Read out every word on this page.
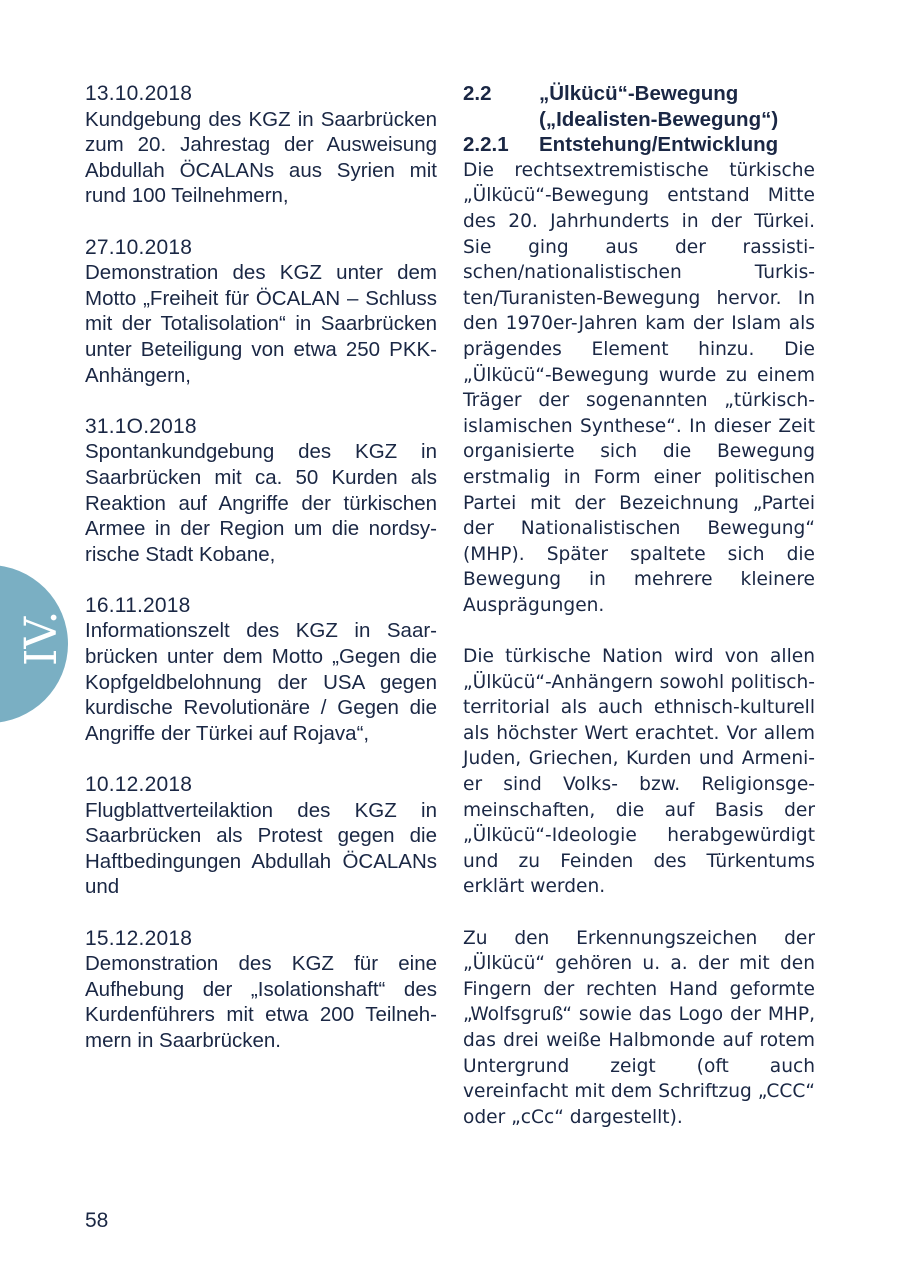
13.10.2018
Kundgebung des KGZ in Saarbrücken zum 20. Jahrestag der Ausweisung Abdullah ÖCALANs aus Syrien mit rund 100 Teilnehmern,
27.10.2018
Demonstration des KGZ unter dem Motto „Freiheit für ÖCALAN – Schluss mit der Totalisolation“ in Saarbrücken unter Beteiligung von etwa 250 PKK-Anhängern,
31.1O.2018
Spontankundgebung des KGZ in Saarbrücken mit ca. 50 Kurden als Reaktion auf Angriffe der türkischen Armee in der Region um die nordsyrische Stadt Kobane,
16.11.2018
Informationszelt des KGZ in Saarbrücken unter dem Motto „Gegen die Kopfgeldbelohnung der USA gegen kurdische Revolutionäre / Gegen die Angriffe der Türkei auf Rojava“,
10.12.2018
Flugblattverteilaktion des KGZ in Saarbrücken als Protest gegen die Haftbedingungen Abdullah ÖCALANs und
15.12.2018
Demonstration des KGZ für eine Aufhebung der „Isolationshaft“ des Kurdenführers mit etwa 200 Teilnehmern in Saarbrücken.
2.2	„Ülkücü“-Bewegung
(„Idealisten-Bewegung“)
2.2.1	Entstehung/Entwicklung

Die rechtsextremistische türkische „Ülkücü“-Bewegung entstand Mitte des 20. Jahrhunderts in der Türkei. Sie ging aus der rassistischen/nationalistischen Turkisten/Turanisten-Bewegung hervor. In den 1970er-Jahren kam der Islam als prägendes Element hinzu. Die „Ülkücü“-Bewegung wurde zu einem Träger der sogenannten „türkisch-islamischen Synthese“. In dieser Zeit organisierte sich die Bewegung erstmalig in Form einer politischen Partei mit der Bezeichnung „Partei der Nationalistischen Bewegung“ (MHP). Später spaltete sich die Bewegung in mehrere kleinere Ausprägungen.

Die türkische Nation wird von allen „Ülkücü“-Anhängern sowohl politisch-territorial als auch ethnisch-kulturell als höchster Wert erachtet. Vor allem Juden, Griechen, Kurden und Armenier sind Volks- bzw. Religionsgemeinschaften, die auf Basis der „Ülkücü“-Ideologie herabgewürdigt und zu Feinden des Türkentums erklärt werden.

Zu den Erkennungszeichen der „Ülkücü“ gehören u. a. der mit den Fingern der rechten Hand geformte „Wolfsgruß“ sowie das Logo der MHP, das drei weiße Halbmonde auf rotem Untergrund zeigt (oft auch vereinfacht mit dem Schriftzug „CCC“ oder „cCc“ dargestellt).

58
